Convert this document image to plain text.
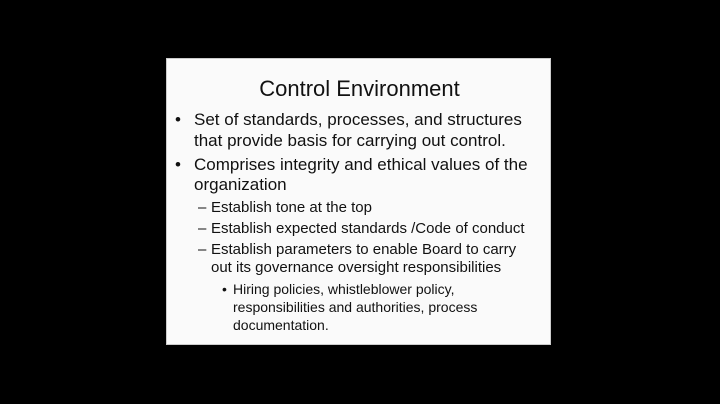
Control Environment
• Set of standards, processes, and structures
that provide basis for carrying out control.
• Comprises integrity and ethical values of the
organization
– Establish tone at the top
– Establish expected standards /Code of conduct
– Establish parameters to enable Board to carry
out its governance oversight responsibilities
• Hiring policies, whistleblower policy,
responsibilities and authorities, process
documentation.
